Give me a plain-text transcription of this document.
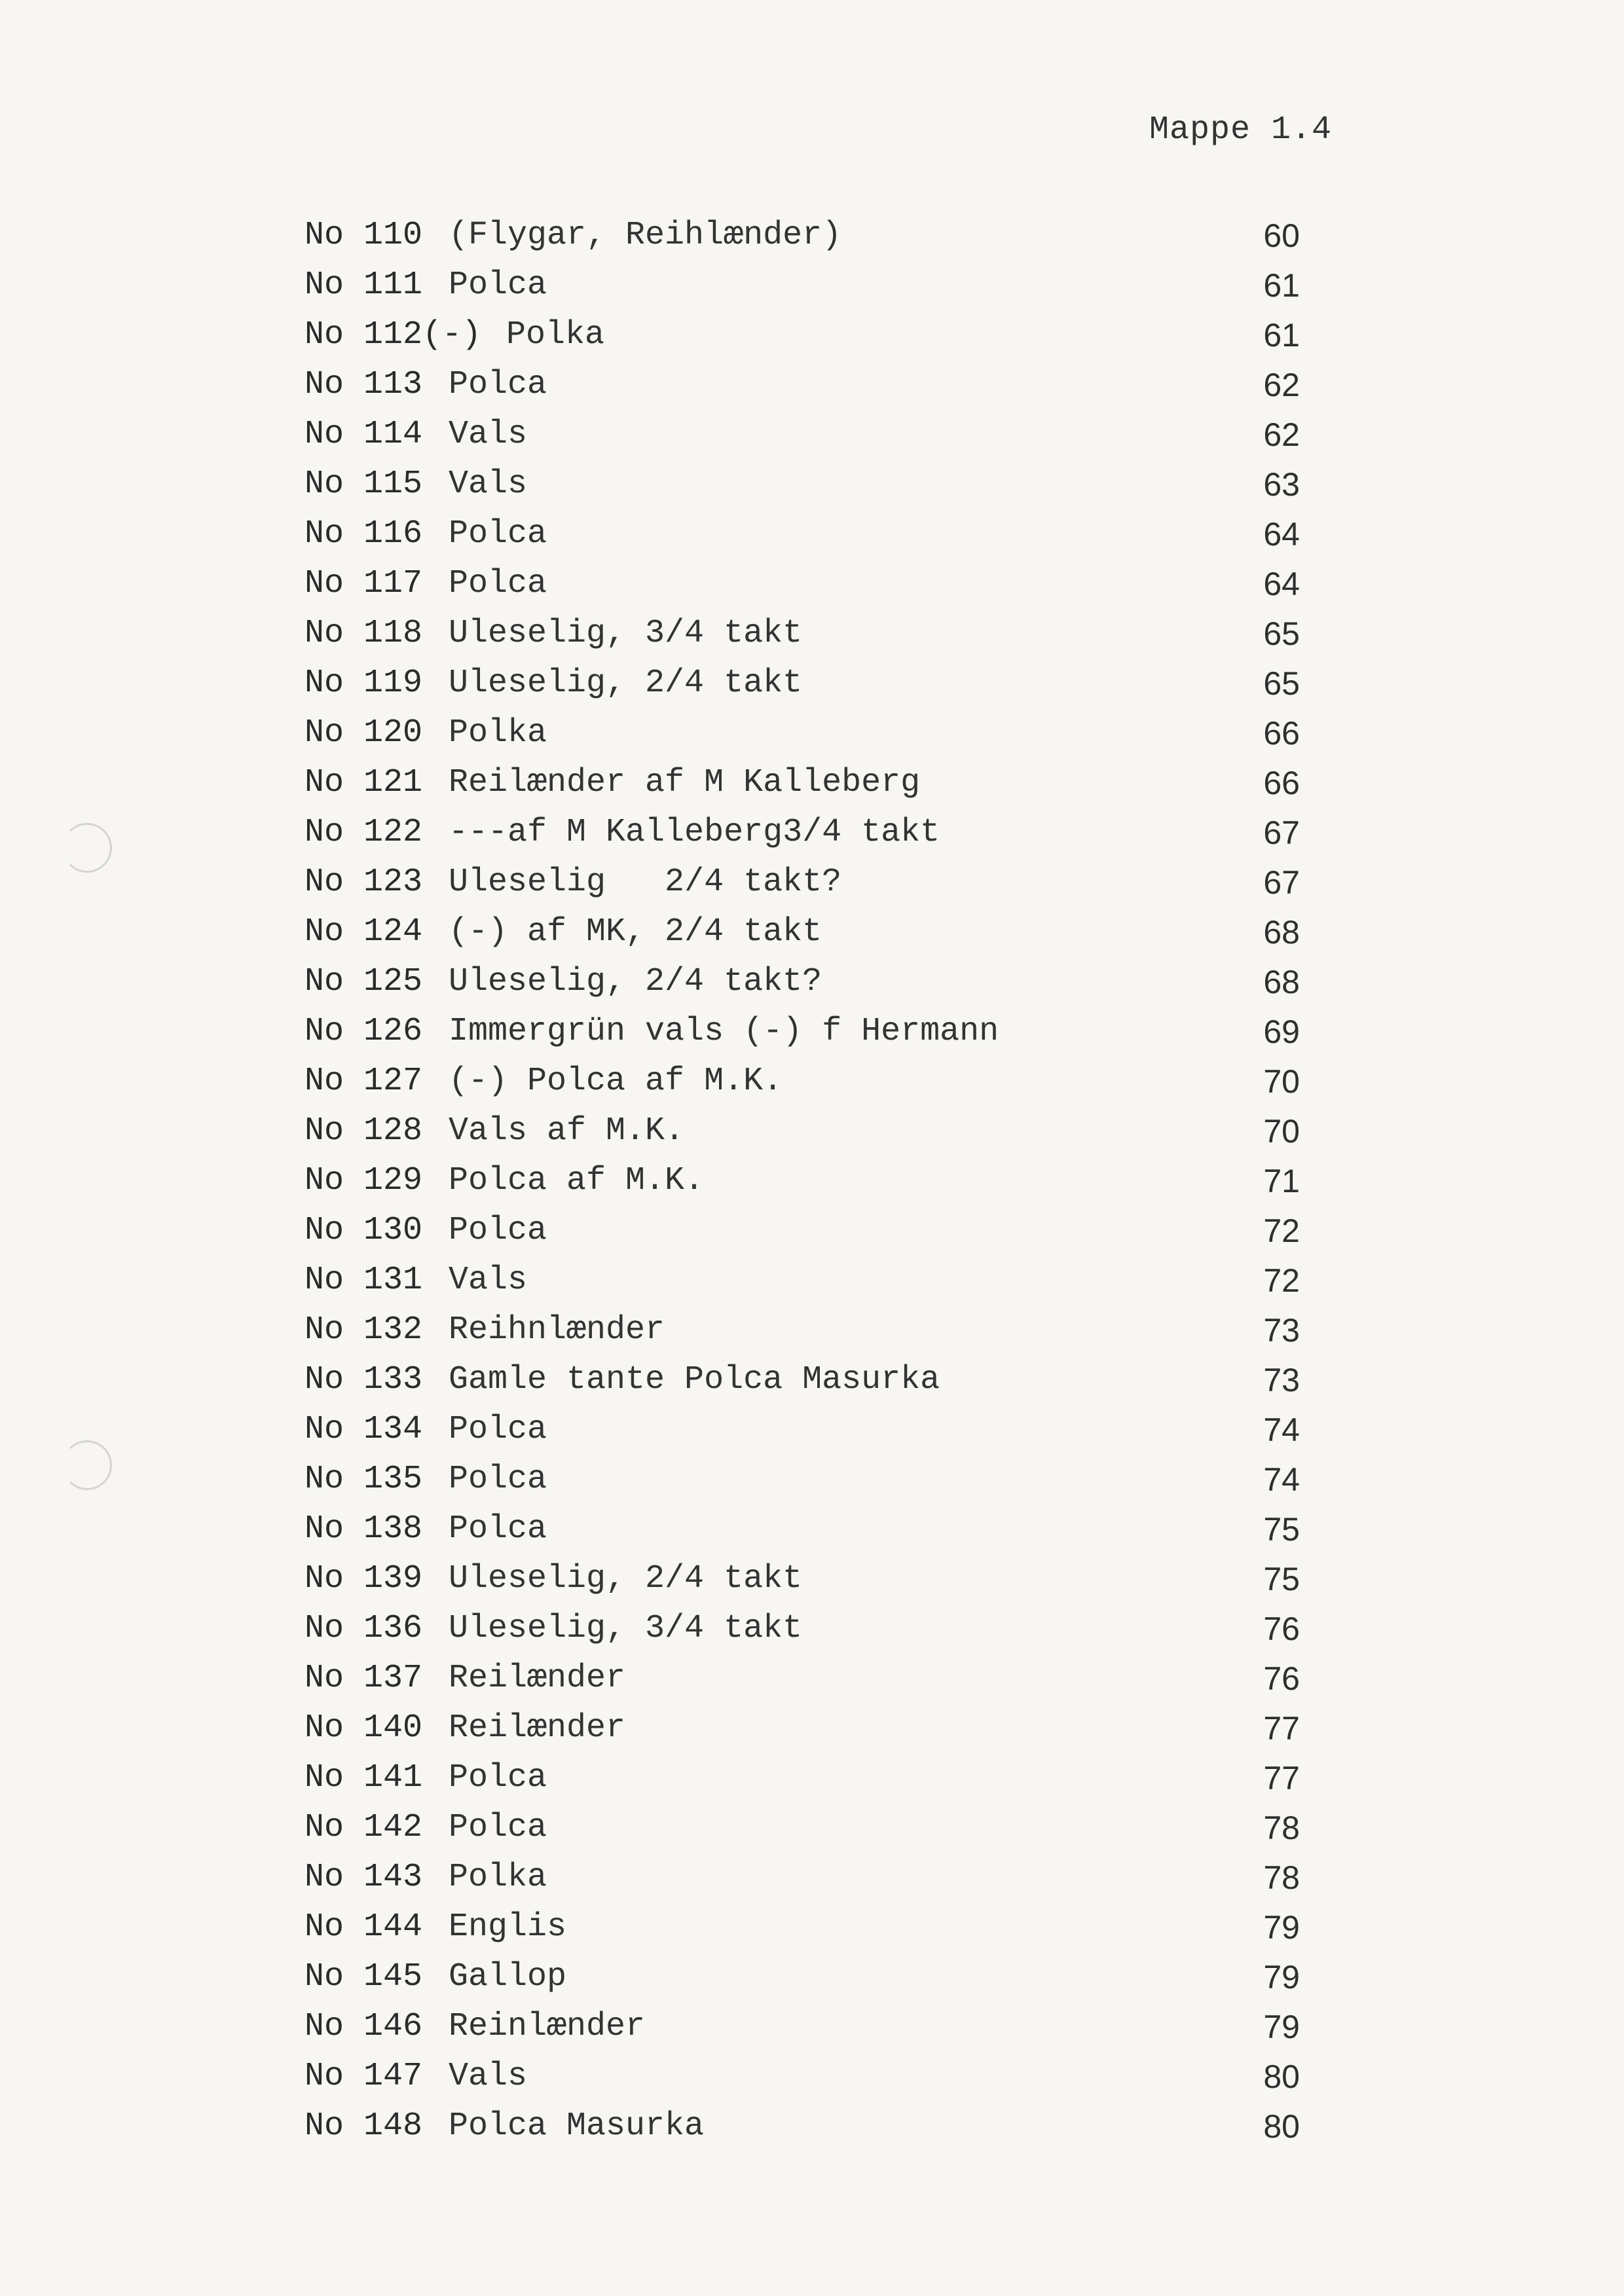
Mappe 1.4
No 110 (Flygar, Reihlænder)	60
No 111 Polca	61
No 112(-) Polka	61
No 113 Polca	62
No 114 Vals	62
No 115 Vals	63
No 116 Polca	64
No 117 Polca	64
No 118 Uleselig, 3/4 takt	65
No 119 Uleselig, 2/4 takt	65
No 120 Polka	66
No 121 Reilænder af M Kalleberg	66
No 122 ---af M Kalleberg3/4 takt	67
No 123 Uleselig   2/4 takt?	67
No 124 (-) af MK, 2/4 takt	68
No 125 Uleselig, 2/4 takt?	68
No 126 Immergrün vals (-) f Hermann	69
No 127 (-) Polca af M.K.	70
No 128 Vals af M.K.	70
No 129 Polca af M.K.	71
No 130 Polca	72
No 131 Vals	72
No 132 Reihnlænder	73
No 133 Gamle tante Polca Masurka	73
No 134 Polca	74
No 135 Polca	74
No 138 Polca	75
No 139 Uleselig, 2/4 takt	75
No 136 Uleselig, 3/4 takt	76
No 137 Reilænder	76
No 140 Reilænder	77
No 141 Polca	77
No 142 Polca	78
No 143 Polka	78
No 144 Englis	79
No 145 Gallop	79
No 146 Reinlænder	79
No 147 Vals	80
No 148 Polca Masurka	80
